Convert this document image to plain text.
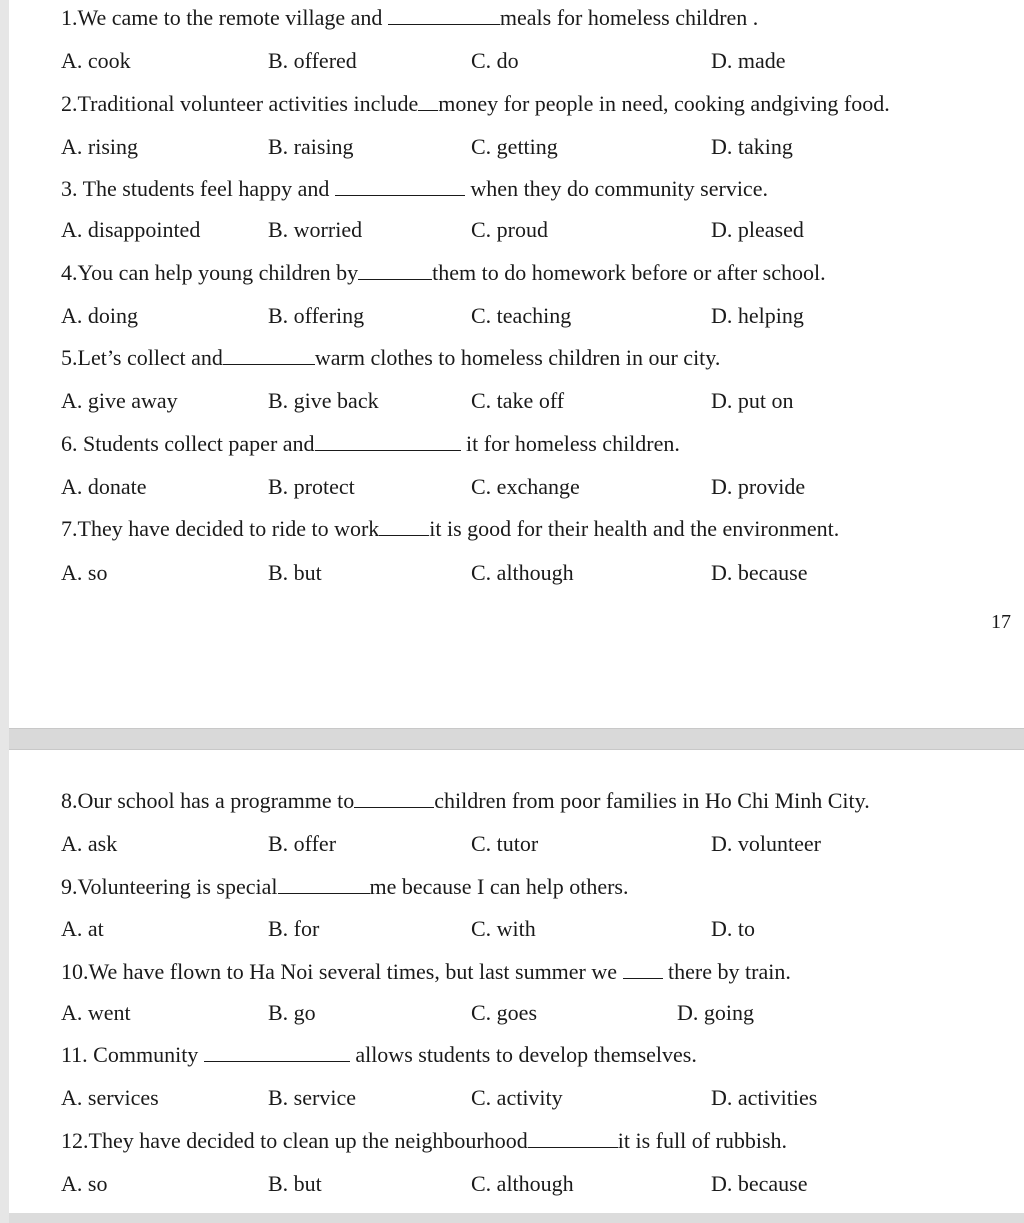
1.We came to the remote village and	meals for homeless children .
A. cook	B. offered	C. do	D. made
2.Traditional volunteer activities include money for people in need, cooking andgiving food.
A. rising	B. raising	C. getting	D. taking
3. The students feel happy and	when they do community service.
A. disappointed	B. worried	C. proud	D. pleased
4.You can help young children by	them to do homework before or after school.
A. doing	B. offering	C. teaching	D. helping
5.Let’s collect and	warm clothes to homeless children in our city.
A. give away	B. give back	C. take off	D. put on
6. Students collect paper and	it for homeless children.
A. donate	B. protect	C. exchange	D. provide
7.They have decided to ride to work it is good for their health and the environment.
A. so	B. but	C. although	D. because
17
8.Our school has a programme to	children from poor families in Ho Chi Minh City.
A. ask	B. offer	C. tutor	D. volunteer
9.Volunteering is special	me because I can help others.
A. at	B. for	C. with	D. to
10.We have flown to Ha Noi several times, but last summer we  there by train.
A. went	B. go	C. goes	D. going
11. Community	allows students to develop themselves.
A. services	B. service	C. activity	D. activities
12.They have decided to clean up the neighbourhood	it is full of rubbish.
A. so	B. but	C. although	D. because
